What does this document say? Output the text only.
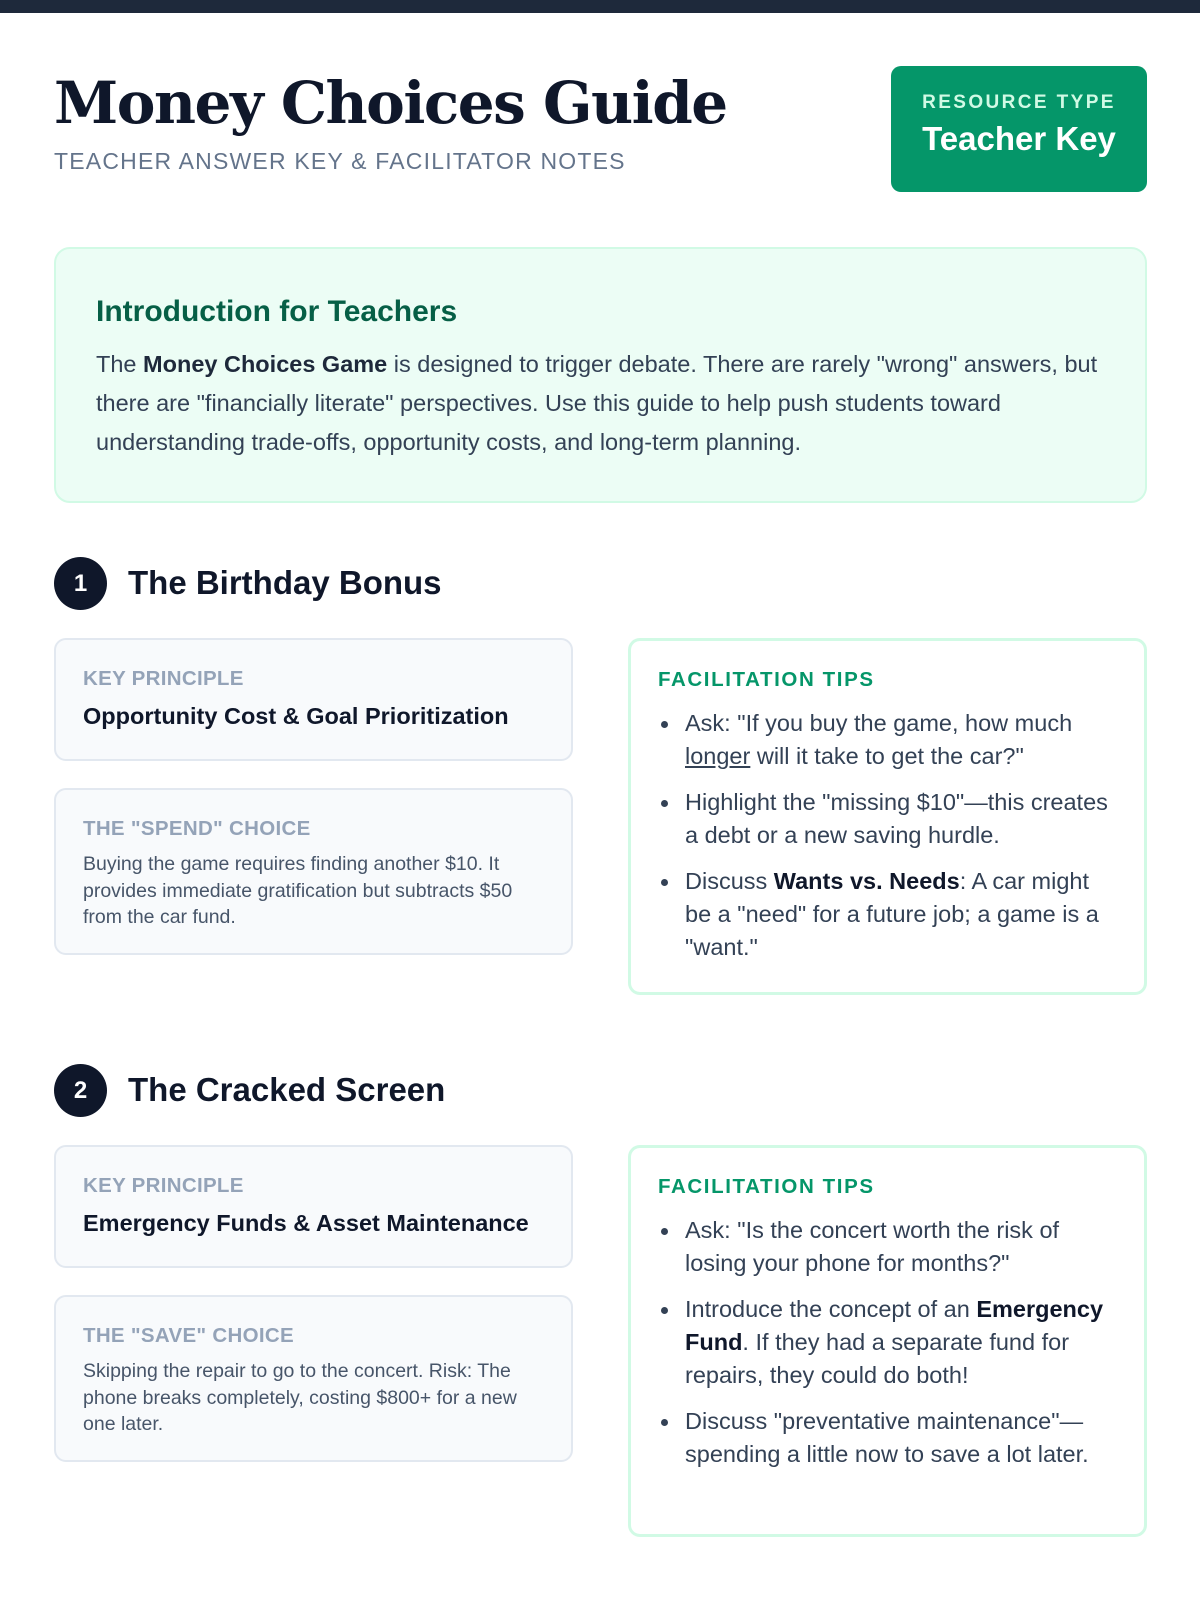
Money Choices Guide
TEACHER ANSWER KEY & FACILITATOR NOTES
RESOURCE TYPE
Teacher Key
Introduction for Teachers

The Money Choices Game is designed to trigger debate. There are rarely "wrong" answers, but there are "financially literate" perspectives. Use this guide to help push students toward understanding trade-offs, opportunity costs, and long-term planning.

1	The Birthday Bonus
KEY PRINCIPLE
Opportunity Cost & Goal Prioritization
THE "SPEND" CHOICE
Buying the game requires finding another $10. It provides immediate gratification but subtracts $50 from the car fund.
FACILITATION TIPS
Ask: "If you buy the game, how much longer will it take to get the car?"
Highlight the "missing $10"—this creates a debt or a new saving hurdle.
Discuss Wants vs. Needs: A car might be a "need" for a future job; a game is a "want."
2	The Cracked Screen
KEY PRINCIPLE
Emergency Funds & Asset Maintenance
THE "SAVE" CHOICE
Skipping the repair to go to the concert. Risk: The phone breaks completely, costing $800+ for a new one later.
FACILITATION TIPS
Ask: "Is the concert worth the risk of losing your phone for months?"
Introduce the concept of an Emergency Fund. If they had a separate fund for repairs, they could do both!
Discuss "preventative maintenance"—spending a little now to save a lot later.
